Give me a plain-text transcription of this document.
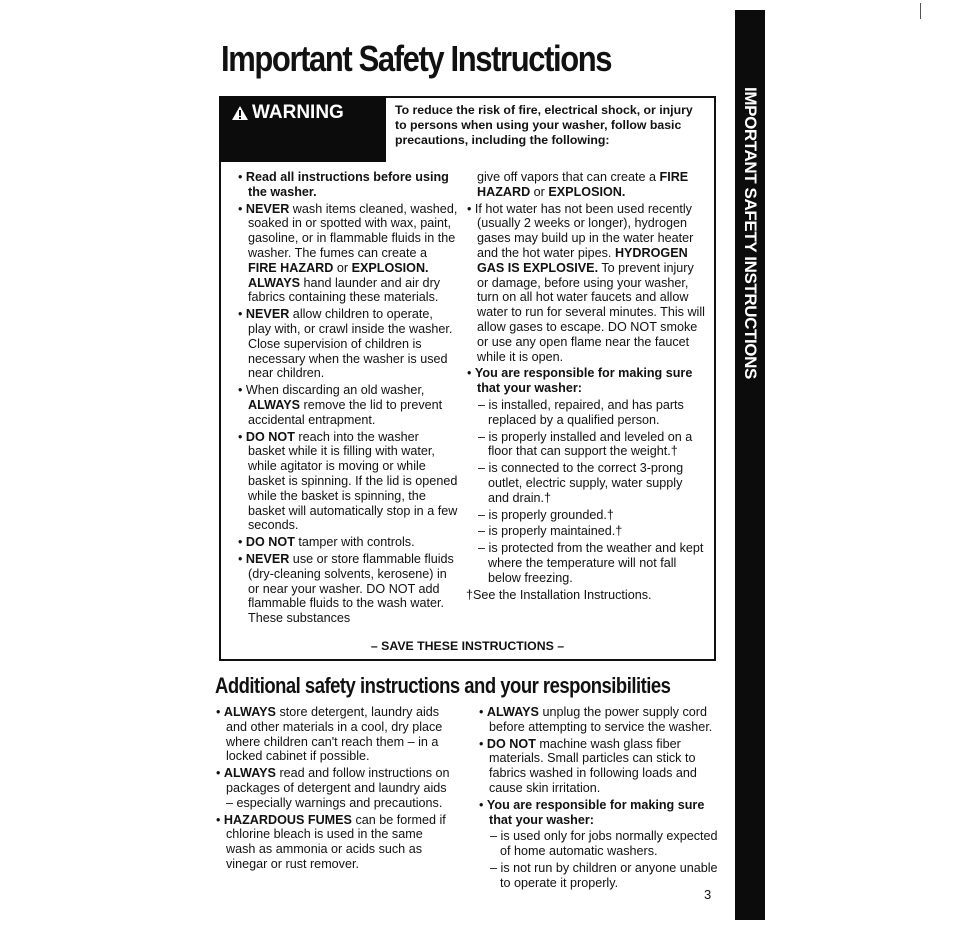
Important Safety Instructions
IMPORTANT SAFETY INSTRUCTIONS
WARNING	To reduce the risk of fire, electrical shock, or injury to persons when using your washer, follow basic precautions, including the following:

• Read all instructions before using the washer.

• NEVER wash items cleaned, washed, soaked in or spotted with wax, paint, gasoline, or in flammable fluids in the washer. The fumes can create a FIRE HAZARD or EXPLOSION. ALWAYS hand launder and air dry fabrics containing these materials.

• NEVER allow children to operate, play with, or crawl inside the washer. Close supervision of children is necessary when the washer is used near children.

• When discarding an old washer, ALWAYS remove the lid to prevent accidental entrapment.

• DO NOT reach into the washer basket while it is filling with water, while agitator is moving or while basket is spinning. If the lid is opened while the basket is spinning, the basket will automatically stop in a few seconds.

• DO NOT tamper with controls.

• NEVER use or store flammable fluids (dry-cleaning solvents, kerosene) in or near your washer. DO NOT add flammable fluids to the wash water. These substances

give off vapors that can create a FIRE HAZARD or EXPLOSION.

• If hot water has not been used recently (usually 2 weeks or longer), hydrogen gases may build up in the water heater and the hot water pipes. HYDROGEN GAS IS EXPLOSIVE. To prevent injury or damage, before using your washer, turn on all hot water faucets and allow water to run for several minutes. This will allow gases to escape. DO NOT smoke or use any open flame near the faucet while it is open.

• You are responsible for making sure that your washer:

– is installed, repaired, and has parts replaced by a qualified person.

– is properly installed and leveled on a floor that can support the weight.†

– is connected to the correct 3-prong outlet, electric supply, water supply and drain.†

– is properly grounded.†

– is properly maintained.†

– is protected from the weather and kept where the temperature will not fall below freezing.

†See the Installation Instructions.

– SAVE THESE INSTRUCTIONS –
Additional safety instructions and your responsibilities

• ALWAYS store detergent, laundry aids and other materials in a cool, dry place where children can't reach them – in a locked cabinet if possible.

• ALWAYS read and follow instructions on packages of detergent and laundry aids – especially warnings and precautions.

• HAZARDOUS FUMES can be formed if chlorine bleach is used in the same wash as ammonia or acids such as vinegar or rust remover.

• ALWAYS unplug the power supply cord before attempting to service the washer.

• DO NOT machine wash glass fiber materials. Small particles can stick to fabrics washed in following loads and cause skin irritation.

• You are responsible for making sure that your washer:

– is used only for jobs normally expected of home automatic washers.

– is not run by children or anyone unable to operate it properly.

3
